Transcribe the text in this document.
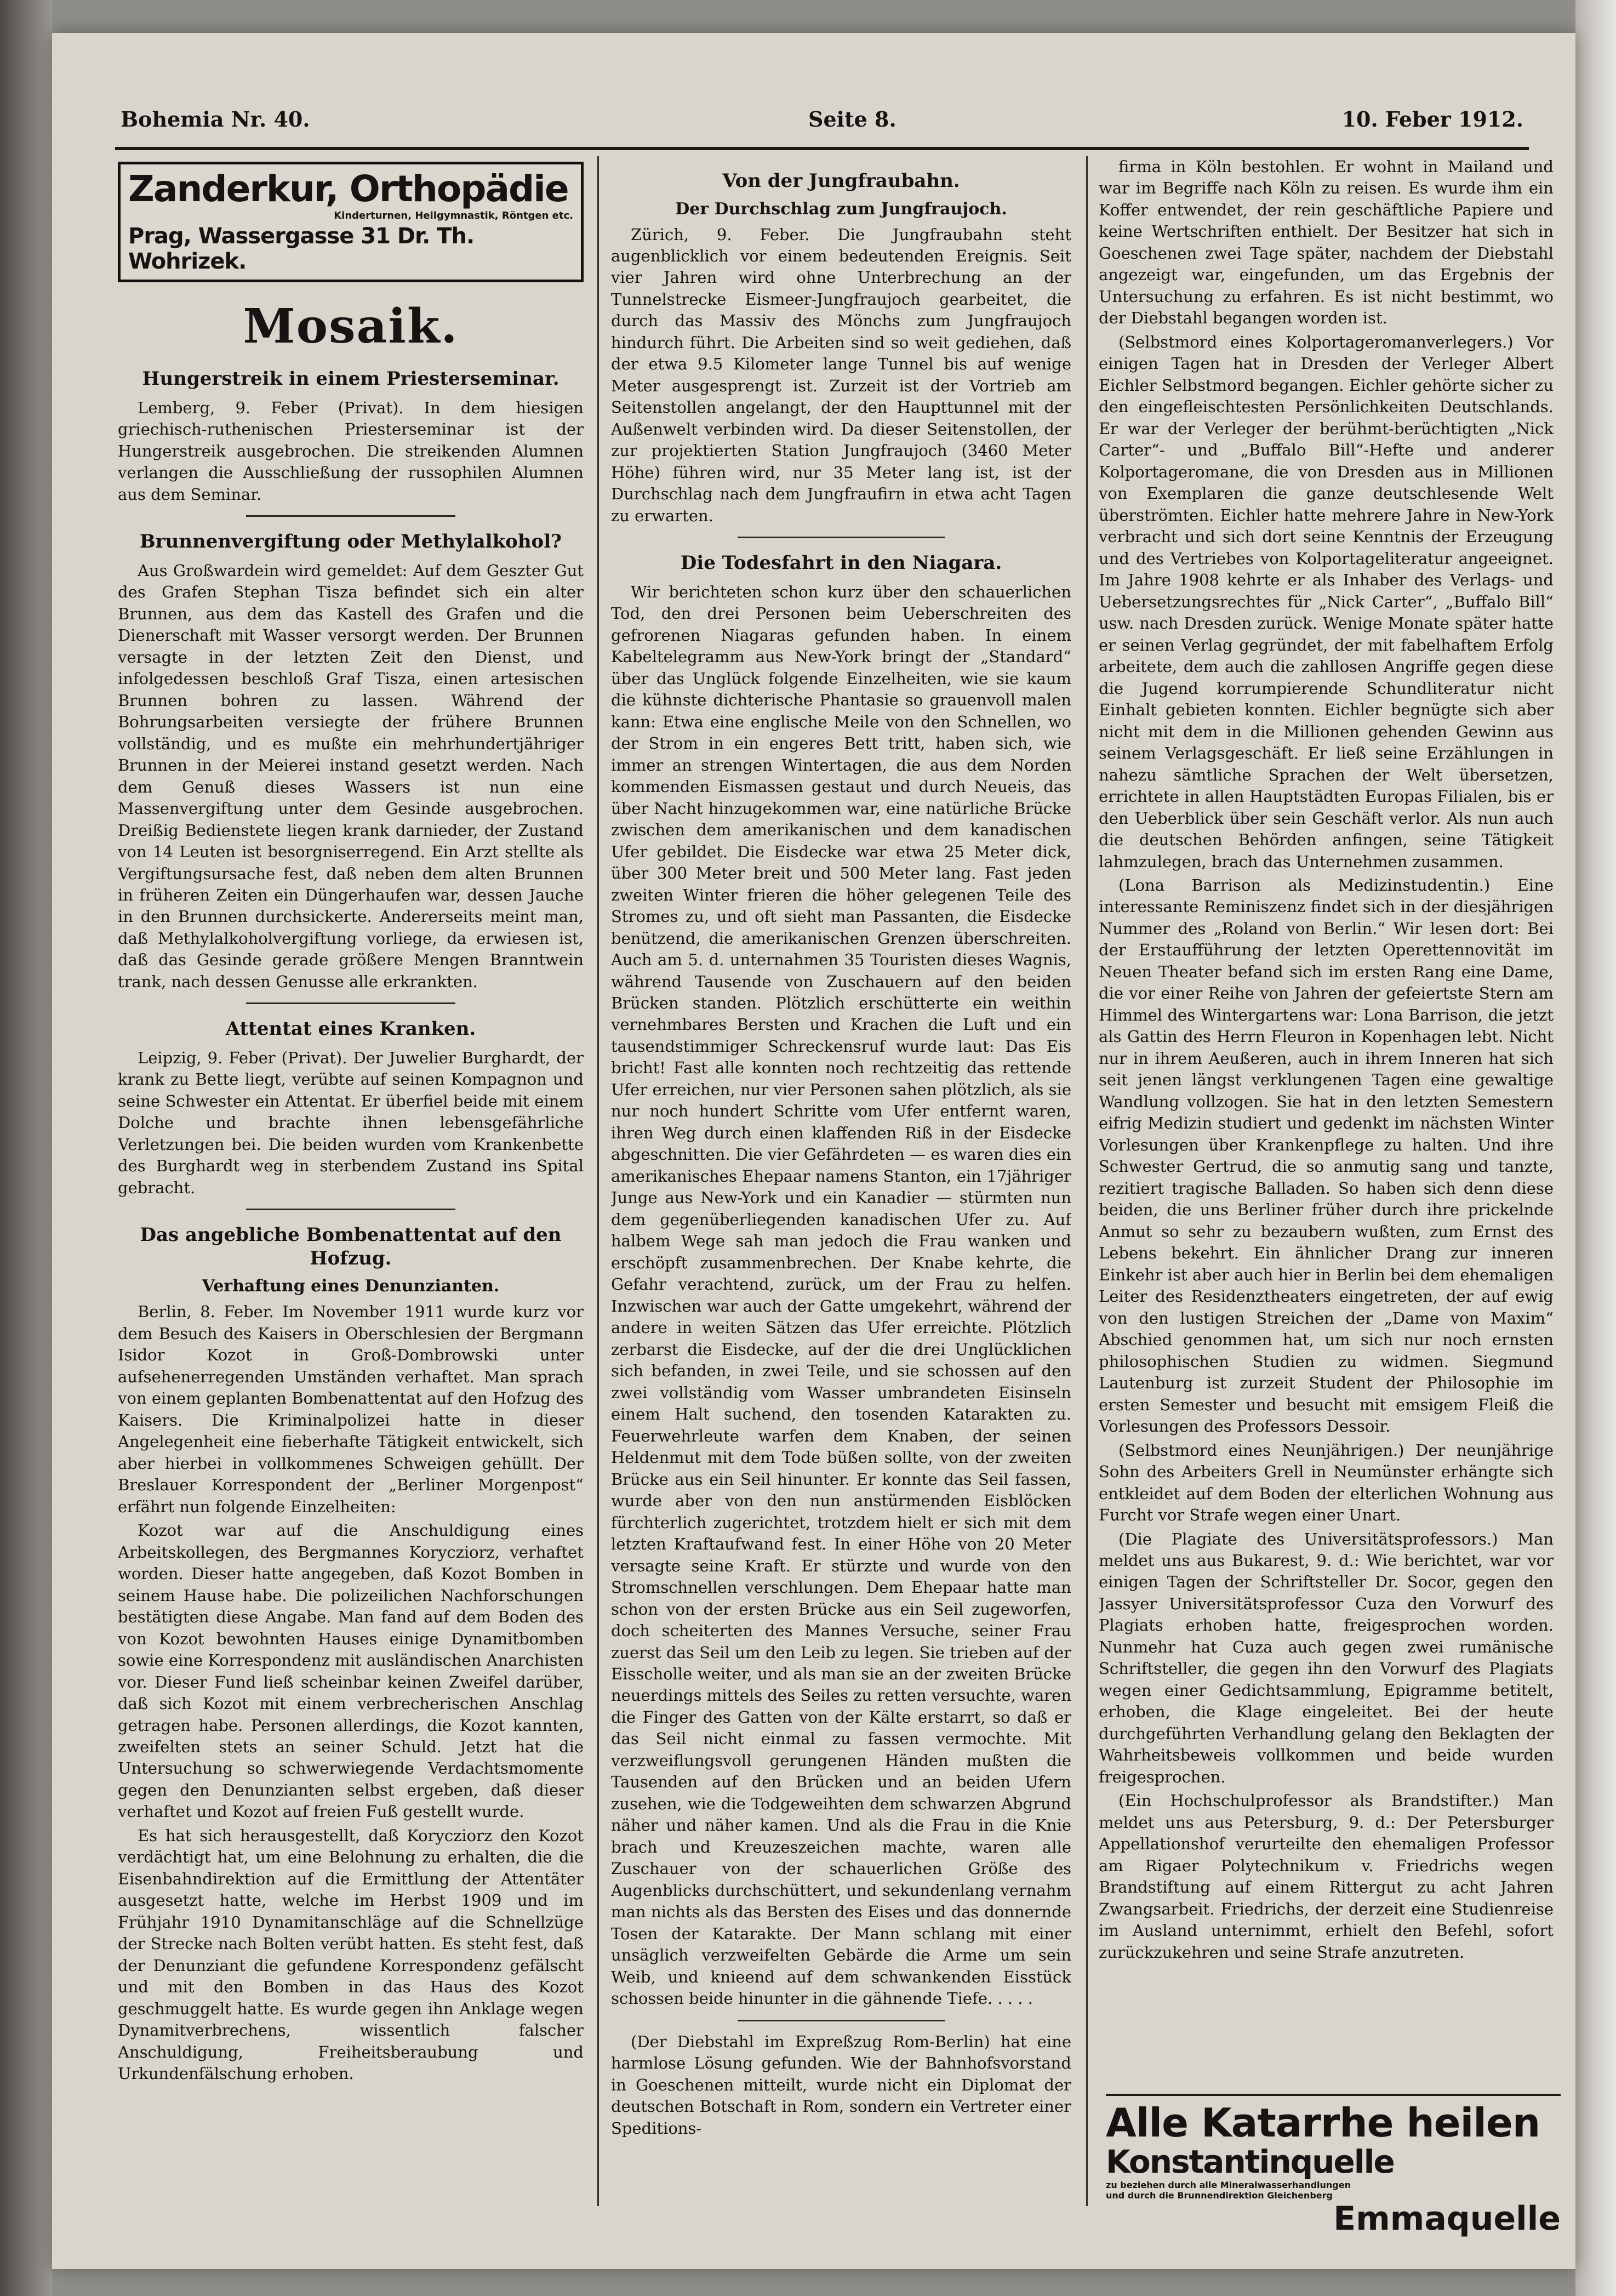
Bohemia Nr. 40.	Seite 8.	10. Feber 1912.
Zanderkur, Orthopädie
Kinderturnen, Heilgymnastik, Röntgen etc.
Prag, Wassergasse 31 Dr. Th. Wohrizek.
Mosaik.
Hungerstreik in einem Priesterseminar.

Lemberg, 9. Feber (Privat). In dem hiesigen griechisch-ruthenischen Priesterseminar ist der Hungerstreik ausgebrochen. Die streikenden Alumnen verlangen die Ausschließung der russophilen Alumnen aus dem Seminar.

Brunnenvergiftung oder Methylalkohol?

Aus Großwardein wird gemeldet: Auf dem Geszter Gut des Grafen Stephan Tisza befindet sich ein alter Brunnen, aus dem das Kastell des Grafen und die Dienerschaft mit Wasser versorgt werden. Der Brunnen versagte in der letzten Zeit den Dienst, und infolgedessen beschloß Graf Tisza, einen artesischen Brunnen bohren zu lassen. Während der Bohrungsarbeiten versiegte der frühere Brunnen vollständig, und es mußte ein mehrhundertjähriger Brunnen in der Meierei instand gesetzt werden. Nach dem Genuß dieses Wassers ist nun eine Massenvergiftung unter dem Gesinde ausgebrochen. Dreißig Bedienstete liegen krank darnieder, der Zustand von 14 Leuten ist besorgniserregend. Ein Arzt stellte als Vergiftungsursache fest, daß neben dem alten Brunnen in früheren Zeiten ein Düngerhaufen war, dessen Jauche in den Brunnen durchsickerte. Andererseits meint man, daß Methylalkoholvergiftung vorliege, da erwiesen ist, daß das Gesinde gerade größere Mengen Branntwein trank, nach dessen Genusse alle erkrankten.

Attentat eines Kranken.

Leipzig, 9. Feber (Privat). Der Juwelier Burghardt, der krank zu Bette liegt, verübte auf seinen Kompagnon und seine Schwester ein Attentat. Er überfiel beide mit einem Dolche und brachte ihnen lebensgefährliche Verletzungen bei. Die beiden wurden vom Krankenbette des Burghardt weg in sterbendem Zustand ins Spital gebracht.

Das angebliche Bombenattentat auf den Hofzug.
Verhaftung eines Denunzianten.

Berlin, 8. Feber. Im November 1911 wurde kurz vor dem Besuch des Kaisers in Oberschlesien der Bergmann Isidor Kozot in Groß-Dombrowski unter aufsehenerregenden Umständen verhaftet. Man sprach von einem geplanten Bombenattentat auf den Hofzug des Kaisers. Die Kriminalpolizei hatte in dieser Angelegenheit eine fieberhafte Tätigkeit entwickelt, sich aber hierbei in vollkommenes Schweigen gehüllt. Der Breslauer Korrespondent der „Berliner Morgenpost“ erfährt nun folgende Einzelheiten:

Kozot war auf die Anschuldigung eines Arbeitskollegen, des Bergmannes Korycziorz, verhaftet worden. Dieser hatte angegeben, daß Kozot Bomben in seinem Hause habe. Die polizeilichen Nachforschungen bestätigten diese Angabe. Man fand auf dem Boden des von Kozot bewohnten Hauses einige Dynamitbomben sowie eine Korrespondenz mit ausländischen Anarchisten vor. Dieser Fund ließ scheinbar keinen Zweifel darüber, daß sich Kozot mit einem verbrecherischen Anschlag getragen habe. Personen allerdings, die Kozot kannten, zweifelten stets an seiner Schuld. Jetzt hat die Untersuchung so schwerwiegende Verdachtsmomente gegen den Denunzianten selbst ergeben, daß dieser verhaftet und Kozot auf freien Fuß gestellt wurde.

Es hat sich herausgestellt, daß Korycziorz den Kozot verdächtigt hat, um eine Belohnung zu erhalten, die die Eisenbahndirektion auf die Ermittlung der Attentäter ausgesetzt hatte, welche im Herbst 1909 und im Frühjahr 1910 Dynamitanschläge auf die Schnellzüge der Strecke nach Bolten verübt hatten. Es steht fest, daß der Denunziant die gefundene Korrespondenz gefälscht und mit den Bomben in das Haus des Kozot geschmuggelt hatte. Es wurde gegen ihn Anklage wegen Dynamitverbrechens, wissentlich falscher Anschuldigung, Freiheitsberaubung und Urkundenfälschung erhoben.

Von der Jungfraubahn.
Der Durchschlag zum Jungfraujoch.

Zürich, 9. Feber. Die Jungfraubahn steht augenblicklich vor einem bedeutenden Ereignis. Seit vier Jahren wird ohne Unterbrechung an der Tunnelstrecke Eismeer-Jungfraujoch gearbeitet, die durch das Massiv des Mönchs zum Jungfraujoch hindurch führt. Die Arbeiten sind so weit gediehen, daß der etwa 9.5 Kilometer lange Tunnel bis auf wenige Meter ausgesprengt ist. Zurzeit ist der Vortrieb am Seitenstollen angelangt, der den Haupttunnel mit der Außenwelt verbinden wird. Da dieser Seitenstollen, der zur projektierten Station Jungfraujoch (3460 Meter Höhe) führen wird, nur 35 Meter lang ist, ist der Durchschlag nach dem Jungfraufirn in etwa acht Tagen zu erwarten.

Die Todesfahrt in den Niagara.

Wir berichteten schon kurz über den schauerlichen Tod, den drei Personen beim Ueberschreiten des gefrorenen Niagaras gefunden haben. In einem Kabeltelegramm aus New-York bringt der „Standard“ über das Unglück folgende Einzelheiten, wie sie kaum die kühnste dichterische Phantasie so grauenvoll malen kann: Etwa eine englische Meile von den Schnellen, wo der Strom in ein engeres Bett tritt, haben sich, wie immer an strengen Wintertagen, die aus dem Norden kommenden Eismassen gestaut und durch Neueis, das über Nacht hinzugekommen war, eine natürliche Brücke zwischen dem amerikanischen und dem kanadischen Ufer gebildet. Die Eisdecke war etwa 25 Meter dick, über 300 Meter breit und 500 Meter lang. Fast jeden zweiten Winter frieren die höher gelegenen Teile des Stromes zu, und oft sieht man Passanten, die Eisdecke benützend, die amerikanischen Grenzen überschreiten. Auch am 5. d. unternahmen 35 Touristen dieses Wagnis, während Tausende von Zuschauern auf den beiden Brücken standen. Plötzlich erschütterte ein weithin vernehmbares Bersten und Krachen die Luft und ein tausendstimmiger Schreckensruf wurde laut: Das Eis bricht! Fast alle konnten noch rechtzeitig das rettende Ufer erreichen, nur vier Personen sahen plötzlich, als sie nur noch hundert Schritte vom Ufer entfernt waren, ihren Weg durch einen klaffenden Riß in der Eisdecke abgeschnitten. Die vier Gefährdeten — es waren dies ein amerikanisches Ehepaar namens Stanton, ein 17jähriger Junge aus New-York und ein Kanadier — stürmten nun dem gegenüberliegenden kanadischen Ufer zu. Auf halbem Wege sah man jedoch die Frau wanken und erschöpft zusammenbrechen. Der Knabe kehrte, die Gefahr verachtend, zurück, um der Frau zu helfen. Inzwischen war auch der Gatte umgekehrt, während der andere in weiten Sätzen das Ufer erreichte. Plötzlich zerbarst die Eisdecke, auf der die drei Unglücklichen sich befanden, in zwei Teile, und sie schossen auf den zwei vollständig vom Wasser umbrandeten Eisinseln einem Halt suchend, den tosenden Katarakten zu. Feuerwehrleute warfen dem Knaben, der seinen Heldenmut mit dem Tode büßen sollte, von der zweiten Brücke aus ein Seil hinunter. Er konnte das Seil fassen, wurde aber von den nun anstürmenden Eisblöcken fürchterlich zugerichtet, trotzdem hielt er sich mit dem letzten Kraftaufwand fest. In einer Höhe von 20 Meter versagte seine Kraft. Er stürzte und wurde von den Stromschnellen verschlungen. Dem Ehepaar hatte man schon von der ersten Brücke aus ein Seil zugeworfen, doch scheiterten des Mannes Versuche, seiner Frau zuerst das Seil um den Leib zu legen. Sie trieben auf der Eisscholle weiter, und als man sie an der zweiten Brücke neuerdings mittels des Seiles zu retten versuchte, waren die Finger des Gatten von der Kälte erstarrt, so daß er das Seil nicht einmal zu fassen vermochte. Mit verzweiflungsvoll gerungenen Händen mußten die Tausenden auf den Brücken und an beiden Ufern zusehen, wie die Todgeweihten dem schwarzen Abgrund näher und näher kamen. Und als die Frau in die Knie brach und Kreuzeszeichen machte, waren alle Zuschauer von der schauerlichen Größe des Augenblicks durchschüttert, und sekundenlang vernahm man nichts als das Bersten des Eises und das donnernde Tosen der Katarakte. Der Mann schlang mit einer unsäglich verzweifelten Gebärde die Arme um sein Weib, und knieend auf dem schwankenden Eisstück schossen beide hinunter in die gähnende Tiefe. . . . .

(Der Diebstahl im Expreßzug Rom-Berlin) hat eine harmlose Lösung gefunden. Wie der Bahnhofsvorstand in Goeschenen mitteilt, wurde nicht ein Diplomat der deutschen Botschaft in Rom, sondern ein Vertreter einer Speditions-

firma in Köln bestohlen. Er wohnt in Mailand und war im Begriffe nach Köln zu reisen. Es wurde ihm ein Koffer entwendet, der rein geschäftliche Papiere und keine Wertschriften enthielt. Der Besitzer hat sich in Goeschenen zwei Tage später, nachdem der Diebstahl angezeigt war, eingefunden, um das Ergebnis der Untersuchung zu erfahren. Es ist nicht bestimmt, wo der Diebstahl begangen worden ist.

(Selbstmord eines Kolportageromanverlegers.) Vor einigen Tagen hat in Dresden der Verleger Albert Eichler Selbstmord begangen. Eichler gehörte sicher zu den eingefleischtesten Persönlichkeiten Deutschlands. Er war der Verleger der berühmt-berüchtigten „Nick Carter“- und „Buffalo Bill“-Hefte und anderer Kolportageromane, die von Dresden aus in Millionen von Exemplaren die ganze deutschlesende Welt überströmten. Eichler hatte mehrere Jahre in New-York verbracht und sich dort seine Kenntnis der Erzeugung und des Vertriebes von Kolportageliteratur angeeignet. Im Jahre 1908 kehrte er als Inhaber des Verlags- und Uebersetzungsrechtes für „Nick Carter“, „Buffalo Bill“ usw. nach Dresden zurück. Wenige Monate später hatte er seinen Verlag gegründet, der mit fabelhaftem Erfolg arbeitete, dem auch die zahllosen Angriffe gegen diese die Jugend korrumpierende Schundliteratur nicht Einhalt gebieten konnten. Eichler begnügte sich aber nicht mit dem in die Millionen gehenden Gewinn aus seinem Verlagsgeschäft. Er ließ seine Erzählungen in nahezu sämtliche Sprachen der Welt übersetzen, errichtete in allen Hauptstädten Europas Filialen, bis er den Ueberblick über sein Geschäft verlor. Als nun auch die deutschen Behörden anfingen, seine Tätigkeit lahmzulegen, brach das Unternehmen zusammen.

(Lona Barrison als Medizinstudentin.) Eine interessante Reminiszenz findet sich in der diesjährigen Nummer des „Roland von Berlin.“ Wir lesen dort: Bei der Erstaufführung der letzten Operettennovität im Neuen Theater befand sich im ersten Rang eine Dame, die vor einer Reihe von Jahren der gefeiertste Stern am Himmel des Wintergartens war: Lona Barrison, die jetzt als Gattin des Herrn Fleuron in Kopenhagen lebt. Nicht nur in ihrem Aeußeren, auch in ihrem Inneren hat sich seit jenen längst verklungenen Tagen eine gewaltige Wandlung vollzogen. Sie hat in den letzten Semestern eifrig Medizin studiert und gedenkt im nächsten Winter Vorlesungen über Krankenpflege zu halten. Und ihre Schwester Gertrud, die so anmutig sang und tanzte, rezitiert tragische Balladen. So haben sich denn diese beiden, die uns Berliner früher durch ihre prickelnde Anmut so sehr zu bezaubern wußten, zum Ernst des Lebens bekehrt. Ein ähnlicher Drang zur inneren Einkehr ist aber auch hier in Berlin bei dem ehemaligen Leiter des Residenztheaters eingetreten, der auf ewig von den lustigen Streichen der „Dame von Maxim“ Abschied genommen hat, um sich nur noch ernsten philosophischen Studien zu widmen. Siegmund Lautenburg ist zurzeit Student der Philosophie im ersten Semester und besucht mit emsigem Fleiß die Vorlesungen des Professors Dessoir.

(Selbstmord eines Neunjährigen.) Der neunjährige Sohn des Arbeiters Grell in Neumünster erhängte sich entkleidet auf dem Boden der elterlichen Wohnung aus Furcht vor Strafe wegen einer Unart.

(Die Plagiate des Universitätsprofessors.) Man meldet uns aus Bukarest, 9. d.: Wie berichtet, war vor einigen Tagen der Schriftsteller Dr. Socor, gegen den Jassyer Universitätsprofessor Cuza den Vorwurf des Plagiats erhoben hatte, freigesprochen worden. Nunmehr hat Cuza auch gegen zwei rumänische Schriftsteller, die gegen ihn den Vorwurf des Plagiats wegen einer Gedichtsammlung, Epigramme betitelt, erhoben, die Klage eingeleitet. Bei der heute durchgeführten Verhandlung gelang den Beklagten der Wahrheitsbeweis vollkommen und beide wurden freigesprochen.

(Ein Hochschulprofessor als Brandstifter.) Man meldet uns aus Petersburg, 9. d.: Der Petersburger Appellationshof verurteilte den ehemaligen Professor am Rigaer Polytechnikum v. Friedrichs wegen Brandstiftung auf einem Rittergut zu acht Jahren Zwangsarbeit. Friedrichs, der derzeit eine Studienreise im Ausland unternimmt, erhielt den Befehl, sofort zurückzukehren und seine Strafe anzutreten.

Alle Katarrhe heilen
Konstantinquelle
zu beziehen durch alle Mineralwasserhandlungen
und durch die Brunnendirektion Gleichenberg
Emmaquelle
